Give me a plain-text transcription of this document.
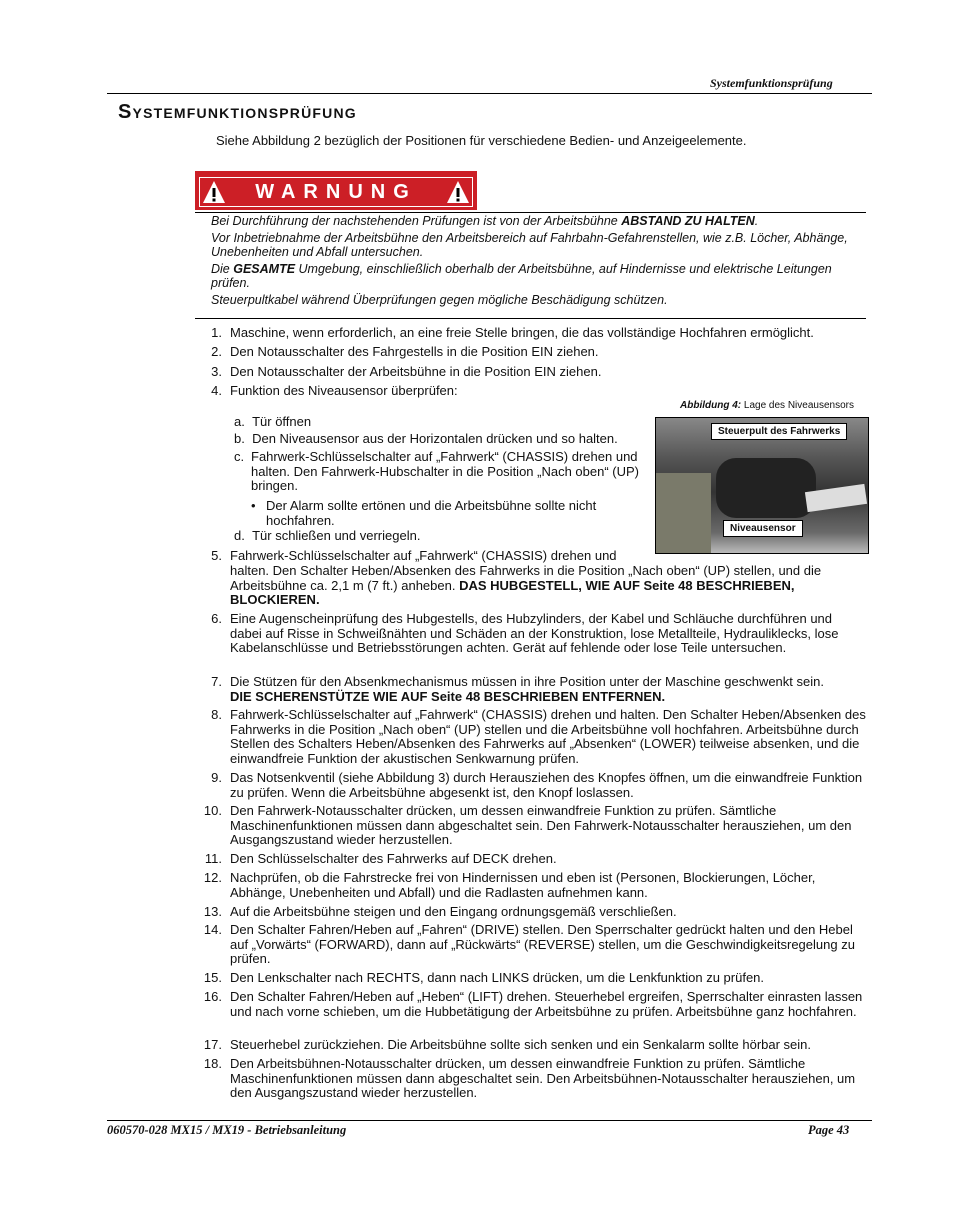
Systemfunktionsprüfung
Systemfunktionsprüfung
Siehe Abbildung 2 bezüglich der Positionen für verschiedene Bedien- und Anzeigeelemente.
WARNUNG

Bei Durchführung der nachstehenden Prüfungen ist von der Arbeitsbühne ABSTAND ZU HALTEN.

Vor Inbetriebnahme der Arbeitsbühne den Arbeitsbereich auf Fahrbahn-Gefahrenstellen, wie z.B. Löcher, Abhänge, Unebenheiten und Abfall untersuchen.

Die GESAMTE Umgebung, einschließlich oberhalb der Arbeitsbühne, auf Hindernisse und elektrische Leitungen prüfen.

Steuerpultkabel während Überprüfungen gegen mögliche Beschädigung schützen.

1. Maschine, wenn erforderlich, an eine freie Stelle bringen, die das vollständige Hochfahren ermöglicht.
2. Den Notausschalter des Fahrgestells in die Position EIN ziehen.
3. Den Notausschalter der Arbeitsbühne in die Position EIN ziehen.
4. Funktion des Niveausensor überprüfen:
5. Fahrwerk-Schlüsselschalter auf „Fahrwerk“ (CHASSIS) drehen und
halten. Den Schalter Heben/Absenken des Fahrwerks in die Position „Nach oben“ (UP) stellen, und die Arbeitsbühne ca. 2,1 m (7 ft.) anheben. DAS HUBGESTELL, WIE AUF Seite 48 BESCHRIEBEN, BLOCKIEREN.
6. Eine Augenscheinprüfung des Hubgestells, des Hubzylinders, der Kabel und Schläuche durchführen und dabei auf Risse in Schweißnähten und Schäden an der Konstruktion, lose Metallteile, Hydrauliklecks, lose Kabelanschlüsse und Betriebsstörungen achten. Gerät auf fehlende oder lose Teile untersuchen.
7. Die Stützen für den Absenkmechanismus müssen in ihre Position unter der Maschine geschwenkt sein.
DIE SCHERENSTÜTZE WIE AUF Seite 48 BESCHRIEBEN ENTFERNEN.
8. Fahrwerk-Schlüsselschalter auf „Fahrwerk“ (CHASSIS) drehen und halten. Den Schalter Heben/Absenken des Fahrwerks in die Position „Nach oben“ (UP) stellen und die Arbeitsbühne voll hochfahren. Arbeitsbühne durch Stellen des Schalters Heben/Absenken des Fahrwerks auf „Absenken“ (LOWER) teilweise absenken, und die einwandfreie Funktion der akustischen Senkwarnung prüfen.
9. Das Notsenkventil (siehe Abbildung 3) durch Herausziehen des Knopfes öffnen, um die einwandfreie Funktion zu prüfen. Wenn die Arbeitsbühne abgesenkt ist, den Knopf loslassen.
10. Den Fahrwerk-Notausschalter drücken, um dessen einwandfreie Funktion zu prüfen. Sämtliche Maschinenfunktionen müssen dann abgeschaltet sein. Den Fahrwerk-Notausschalter herausziehen, um den Ausgangszustand wieder herzustellen.
11. Den Schlüsselschalter des Fahrwerks auf DECK drehen.
12. Nachprüfen, ob die Fahrstrecke frei von Hindernissen und eben ist (Personen, Blockierungen, Löcher, Abhänge, Unebenheiten und Abfall) und die Radlasten aufnehmen kann.
13. Auf die Arbeitsbühne steigen und den Eingang ordnungsgemäß verschließen.
14. Den Schalter Fahren/Heben auf „Fahren“ (DRIVE) stellen. Den Sperrschalter gedrückt halten und den Hebel auf „Vorwärts“ (FORWARD), dann auf „Rückwärts“ (REVERSE) stellen, um die Geschwindigkeitsregelung zu prüfen.
15. Den Lenkschalter nach RECHTS, dann nach LINKS drücken, um die Lenkfunktion zu prüfen.
16. Den Schalter Fahren/Heben auf „Heben“ (LIFT) drehen. Steuerhebel ergreifen, Sperrschalter einrasten lassen und nach vorne schieben, um die Hubbetätigung der Arbeitsbühne zu prüfen. Arbeitsbühne ganz hochfahren.
17. Steuerhebel zurückziehen. Die Arbeitsbühne sollte sich senken und ein Senkalarm sollte hörbar sein.
18. Den Arbeitsbühnen-Notausschalter drücken, um dessen einwandfreie Funktion zu prüfen. Sämtliche Maschinenfunktionen müssen dann abgeschaltet sein. Den Arbeitsbühnen-Notausschalter herausziehen, um den Ausgangszustand wieder herzustellen.
a. Tür öffnen
b. Den Niveausensor aus der Horizontalen drücken und so halten.
c. Fahrwerk-Schlüsselschalter auf „Fahrwerk“ (CHASSIS) drehen und halten. Den Fahrwerk-Hubschalter in die Position „Nach oben“ (UP) bringen.
• Der Alarm sollte ertönen und die Arbeitsbühne sollte nicht hochfahren.
d. Tür schließen und verriegeln.
Abbildung 4: Lage des Niveausensors
Steuerpult des Fahrwerks
Niveausensor
060570-028 MX15 / MX19 - Betriebsanleitung	Page 43
